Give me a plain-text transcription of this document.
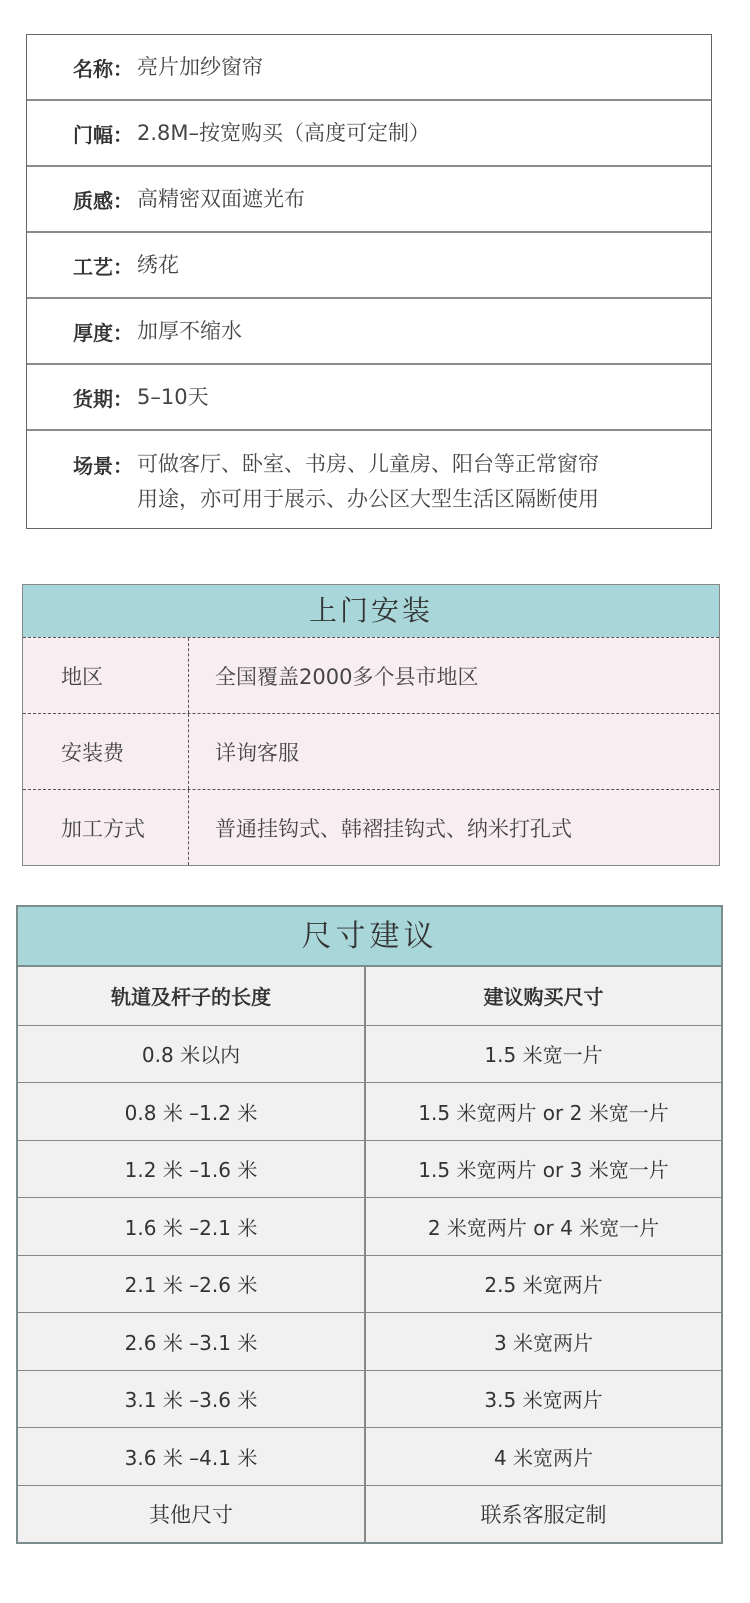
名称： 亮片加纱窗帘
门幅： 2.8M–按宽购买（高度可定制）
质感： 高精密双面遮光布
工艺： 绣花
厚度： 加厚不缩水
货期： 5–10天
场景： 可做客厅、卧室、书房、儿童房、阳台等正常窗帘
用途，亦可用于展示、办公区大型生活区隔断使用
上门安装
地区	全国覆盖2000多个县市地区
安装费	详询客服
加工方式	普通挂钩式、韩褶挂钩式、纳米打孔式
尺寸建议
轨道及杆子的长度	建议购买尺寸
0.8 米以内	1.5 米宽一片
0.8 米 –1.2 米	1.5 米宽两片 or 2 米宽一片
1.2 米 –1.6 米	1.5 米宽两片 or 3 米宽一片
1.6 米 –2.1 米	2 米宽两片 or 4 米宽一片
2.1 米 –2.6 米	2.5 米宽两片
2.6 米 –3.1 米	3 米宽两片
3.1 米 –3.6 米	3.5 米宽两片
3.6 米 –4.1 米	4 米宽两片
其他尺寸	联系客服定制
